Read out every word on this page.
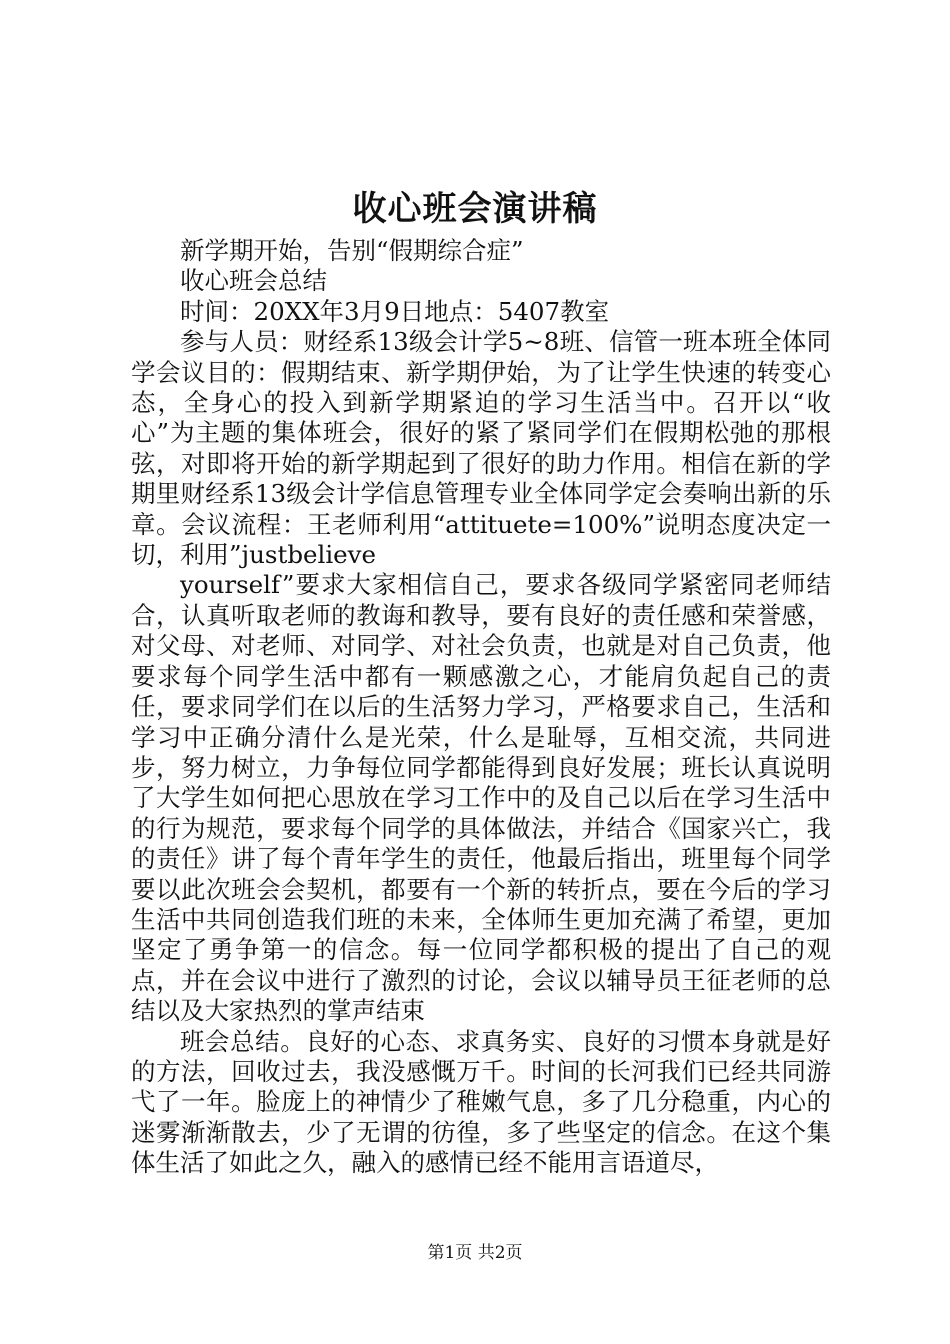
收心班会演讲稿

新学期开始，告别“假期综合症”

收心班会总结

时间：20XX年3月9日地点：5407教室

参与人员：财经系13级会计学5~8班、信管一班本班全体同学会议目的：假期结束、新学期伊始，为了让学生快速的转变心态，全身心的投入到新学期紧迫的学习生活当中。召开以“收心”为主题的集体班会，很好的紧了紧同学们在假期松弛的那根弦，对即将开始的新学期起到了很好的助力作用。相信在新的学期里财经系13级会计学信息管理专业全体同学定会奏响出新的乐章。会议流程：王老师利用“attituete=100%”说明态度决定一切，利用”justbelieve

yourself”要求大家相信自己，要求各级同学紧密同老师结合，认真听取老师的教诲和教导，要有良好的责任感和荣誉感，对父母、对老师、对同学、对社会负责，也就是对自己负责，他要求每个同学生活中都有一颗感激之心，才能肩负起自己的责任，要求同学们在以后的生活努力学习，严格要求自己，生活和学习中正确分清什么是光荣，什么是耻辱，互相交流，共同进步，努力树立，力争每位同学都能得到良好发展；班长认真说明了大学生如何把心思放在学习工作中的及自己以后在学习生活中的行为规范，要求每个同学的具体做法，并结合《国家兴亡，我的责任》讲了每个青年学生的责任，他最后指出，班里每个同学要以此次班会会契机，都要有一个新的转折点，要在今后的学习生活中共同创造我们班的未来，全体师生更加充满了希望，更加坚定了勇争第一的信念。每一位同学都积极的提出了自己的观点，并在会议中进行了激烈的讨论，会议以辅导员王征老师的总结以及大家热烈的掌声结束

班会总结。良好的心态、求真务实、良好的习惯本身就是好的方法，回收过去，我没感慨万千。时间的长河我们已经共同游弋了一年。脸庞上的神情少了稚嫩气息，多了几分稳重，内心的迷雾渐渐散去，少了无谓的彷徨，多了些坚定的信念。在这个集体生活了如此之久，融入的感情已经不能用言语道尽，

第1页 共2页
